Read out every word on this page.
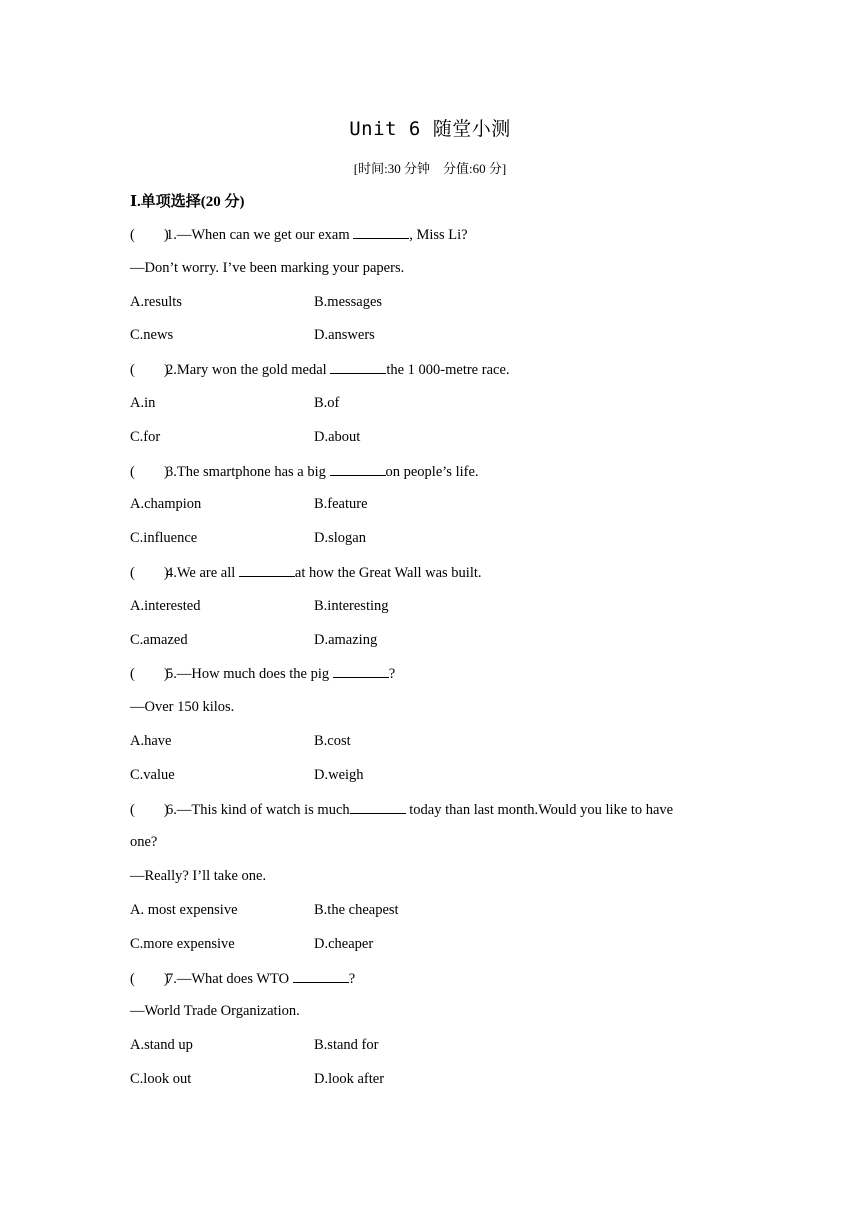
Unit 6 随堂小测
[时间:30 分钟　分值:60 分]
Ⅰ.单项选择(20 分)
(　　)1.—When can we get our exam	, Miss Li?
—Don’t worry. I’ve been marking your papers.
A.results	B.messages
C.news	D.answers
(　　)2.Mary won the gold medal	the 1 000-metre race.
A.in	B.of
C.for	D.about
(　　)3.The smartphone has a big	on people’s life.
A.champion	B.feature
C.influence	D.slogan
(　　)4.We are all	at how the Great Wall was built.
A.interested	B.interesting
C.amazed	D.amazing
(　　)5.—How much does the pig	?
—Over 150 kilos.
A.have	B.cost
C.value	D.weigh
(　　)6.—This kind of watch is much	today than last month.Would you like to have
one?
—Really? I’ll take one.
A. most expensive	B.the cheapest
C.more expensive	D.cheaper
(　　)7.—What does WTO	?
—World Trade Organization.
A.stand up	B.stand for
C.look out	D.look after
